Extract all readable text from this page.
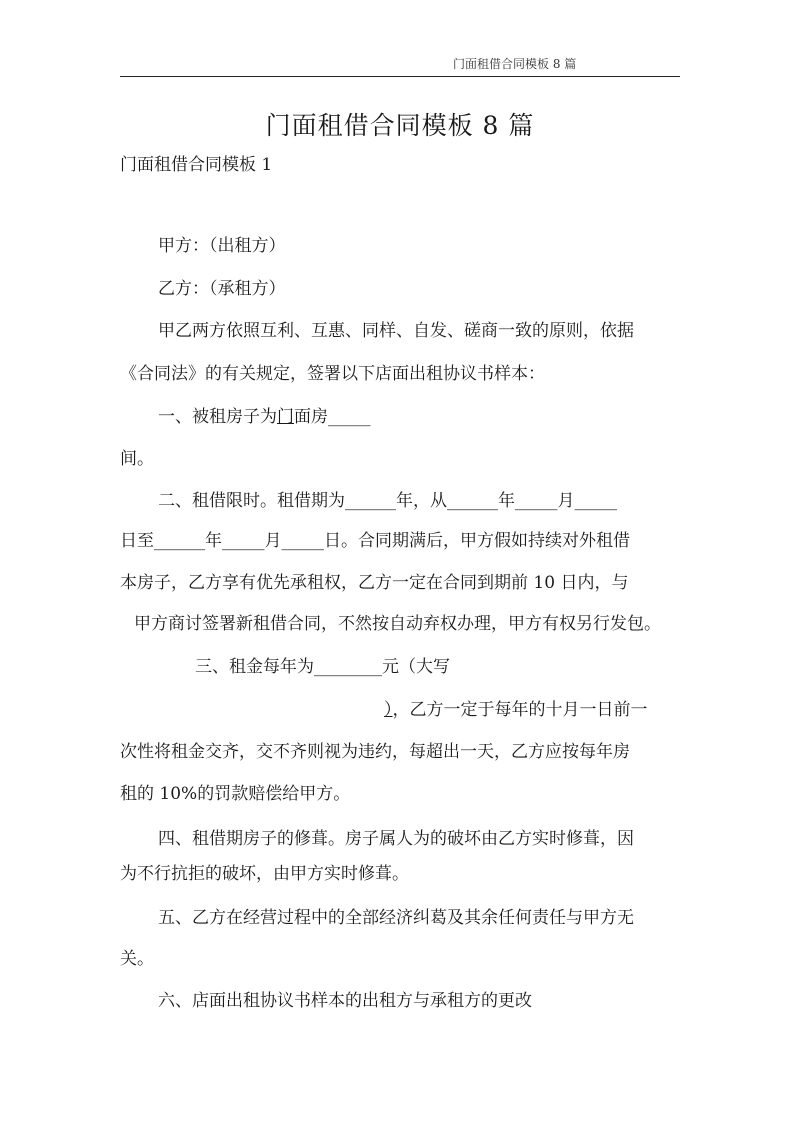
门面租借合同模板 8 篇
门面租借合同模板 8 篇
门面租借合同模板 1
甲方：（出租方）
乙方：（承租方）
甲乙两方依照互利、互惠、同样、自发、磋商一致的原则，依据
《合同法》的有关规定，签署以下店面出租协议书样本：
一、被租房子为门面房_____
间。
二、租借限时。租借期为______年，从______年_____月_____
日至______年_____月_____日。合同期满后，甲方假如持续对外租借
本房子，乙方享有优先承租权，乙方一定在合同到期前 10 日内，与
甲方商讨签署新租借合同，不然按自动弃权办理，甲方有权另行发包。
三、租金每年为________元（大写
），乙方一定于每年的十月一日前一
次性将租金交齐，交不齐则视为违约，每超出一天，乙方应按每年房
租的 10%的罚款赔偿给甲方。
四、租借期房子的修葺。房子属人为的破坏由乙方实时修葺，因
为不行抗拒的破坏，由甲方实时修葺。
五、乙方在经营过程中的全部经济纠葛及其余任何责任与甲方无
关。
六、店面出租协议书样本的出租方与承租方的更改
